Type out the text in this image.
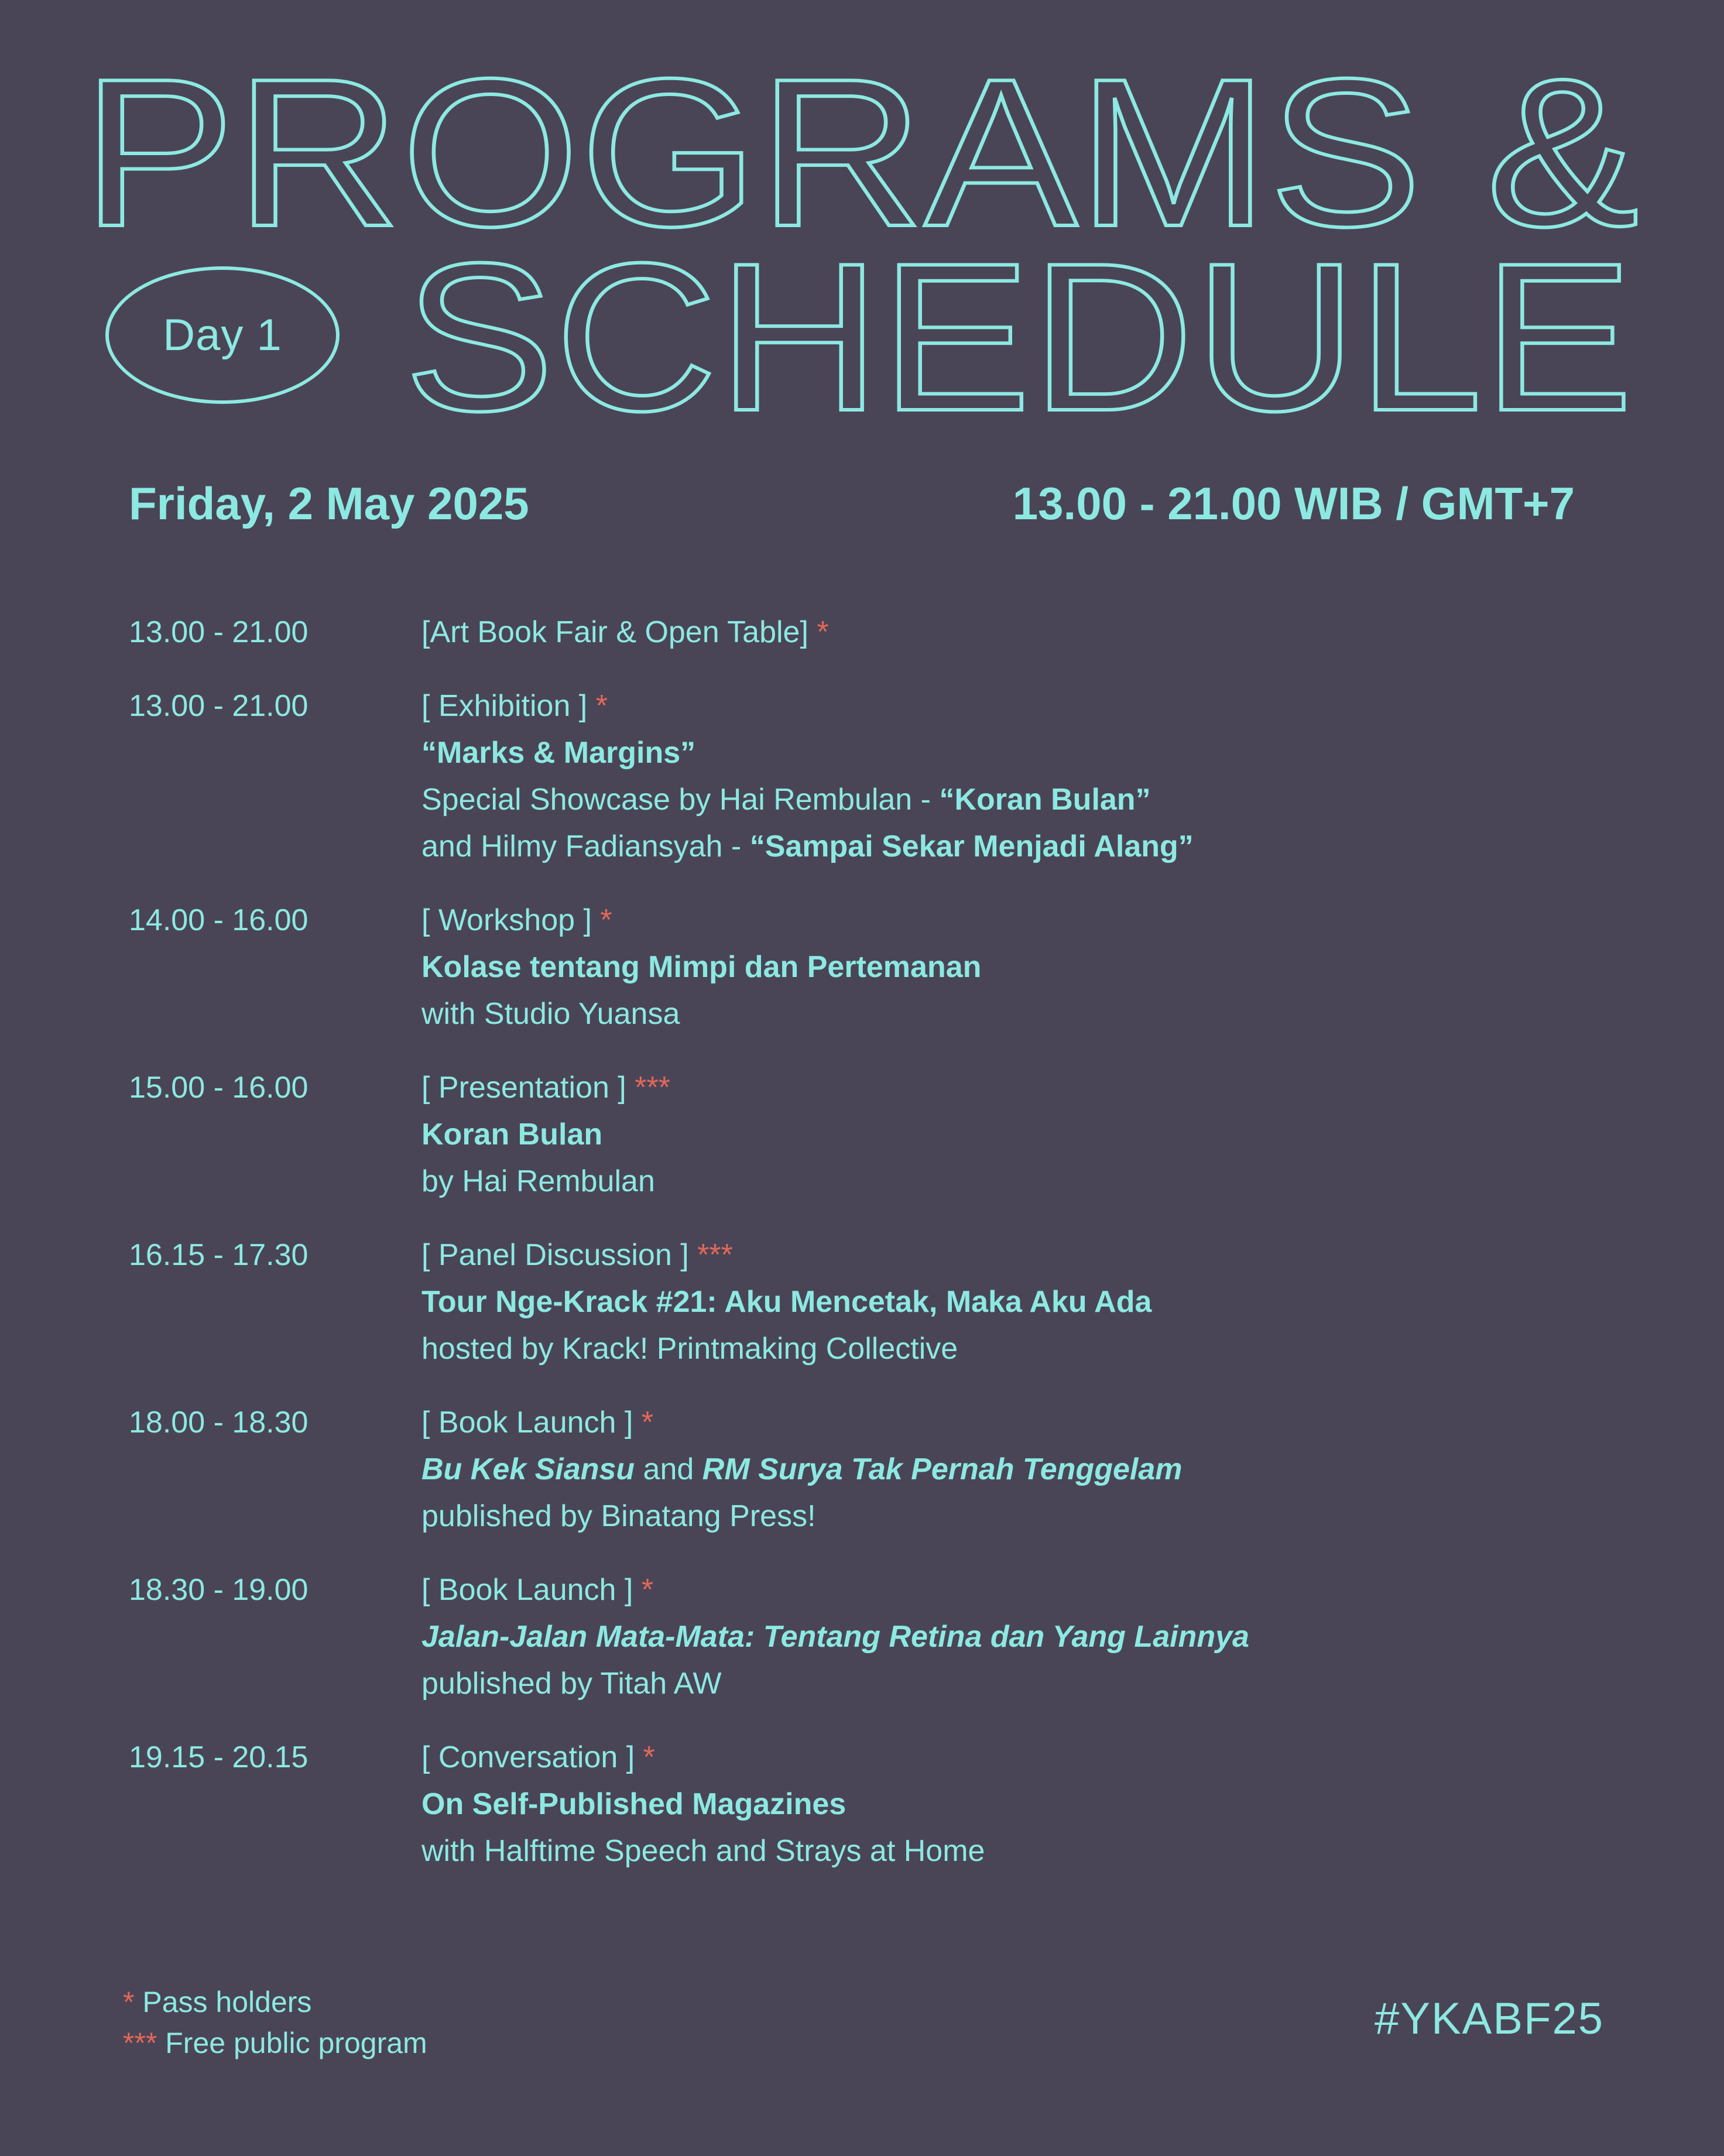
PROGRAMS &
SCHEDULE
Day 1
Friday, 2 May 2025	13.00 - 21.00 WIB / GMT+7
13.00 - 21.00	[Art Book Fair & Open Table] *
13.00 - 21.00	[ Exhibition ] *
“Marks & Margins”
Special Showcase by Hai Rembulan - “Koran Bulan”
and Hilmy Fadiansyah - “Sampai Sekar Menjadi Alang”
14.00 - 16.00	[ Workshop ] *
Kolase tentang Mimpi dan Pertemanan
with Studio Yuansa
15.00 - 16.00	[ Presentation ] ***
Koran Bulan
by Hai Rembulan
16.15 - 17.30	[ Panel Discussion ] ***
Tour Nge-Krack #21: Aku Mencetak, Maka Aku Ada
hosted by Krack! Printmaking Collective
18.00 - 18.30	[ Book Launch ] *
Bu Kek Siansu and RM Surya Tak Pernah Tenggelam
published by Binatang Press!
18.30 - 19.00	[ Book Launch ] *
Jalan-Jalan Mata-Mata: Tentang Retina dan Yang Lainnya
published by Titah AW
19.15 - 20.15	[ Conversation ] *
On Self-Published Magazines
with Halftime Speech and Strays at Home
* Pass holders
*** Free public program	#YKABF25
